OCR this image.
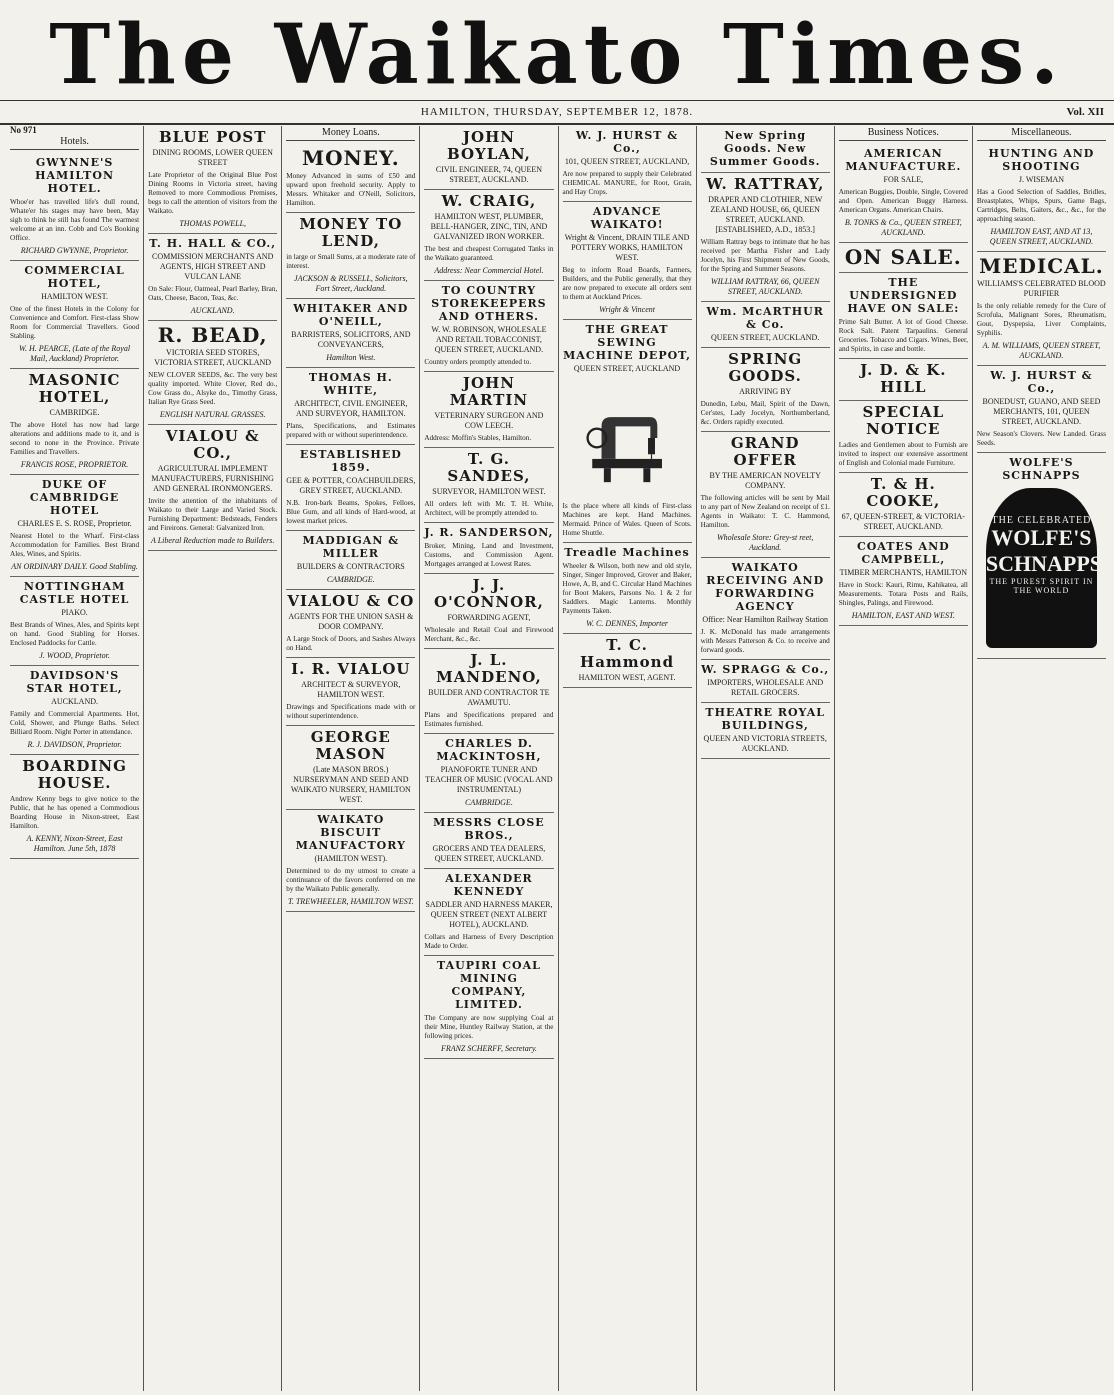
The Waikato Times.
HAMILTON, THURSDAY, SEPTEMBER 12, 1878.	Vol. XII
No 971
Hotels.
GWYNNE'S HAMILTON HOTEL.
Whoe'er has travelled life's dull round, Whate'er his stages may have been, May sigh to think he still has found The warmest welcome at an inn. Cobb and Co's Booking Office.
RICHARD GWYNNE, Proprietor.
COMMERCIAL HOTEL,
HAMILTON WEST.
One of the finest Hotels in the Colony for Convenience and Comfort. First-class Show Room for Commercial Travellers. Good Stabling.
W. H. PEARCE, (Late of the Royal Mail, Auckland) Proprietor.
MASONIC HOTEL,
CAMBRIDGE.
The above Hotel has now had large alterations and additions made to it, and is second to none in the Province. Private Families and Travellers.
FRANCIS ROSE, PROPRIETOR.
DUKE OF CAMBRIDGE HOTEL
CHARLES E. S. ROSE, Proprietor.
Nearest Hotel to the Wharf. First-class Accommodation for Families. Best Brand Ales, Wines, and Spirits.
AN ORDINARY DAILY. Good Stabling.
NOTTINGHAM CASTLE HOTEL
PIAKO.
Best Brands of Wines, Ales, and Spirits kept on hand. Good Stabling for Horses. Enclosed Paddocks for Cattle.
J. WOOD, Proprietor.
DAVIDSON'S STAR HOTEL,
AUCKLAND.
Family and Commercial Apartments. Hot, Cold, Shower, and Plunge Baths. Select Billiard Room. Night Porter in attendance.
R. J. DAVIDSON, Proprietor.
BOARDING HOUSE.
Andrew Kenny begs to give notice to the Public, that he has opened a Commodious Boarding House in Nixon-street, East Hamilton.
A. KENNY, Nixon-Street, East Hamilton. June 5th, 1878
BLUE POST
DINING ROOMS, LOWER QUEEN STREET
Late Proprietor of the Original Blue Post Dining Rooms in Victoria street, having Removed to more Commodious Premises, begs to call the attention of visitors from the Waikato.
THOMAS POWELL,
T. H. HALL & CO.,
COMMISSION MERCHANTS AND AGENTS, HIGH STREET AND VULCAN LANE
On Sale: Flour, Oatmeal, Pearl Barley, Bran, Oats, Cheese, Bacon, Teas, &c.
AUCKLAND.
R. BEAD,
VICTORIA SEED STORES, VICTORIA STREET, AUCKLAND
NEW CLOVER SEEDS, &c. The very best quality imported. White Clover, Red do., Cow Grass do., Alsyke do., Timothy Grass, Italian Rye Grass Seed.
ENGLISH NATURAL GRASSES.
VIALOU & CO.,
AGRICULTURAL IMPLEMENT MANUFACTURERS, FURNISHING AND GENERAL IRONMONGERS.
Invite the attention of the inhabitants of Waikato to their Large and Varied Stock. Furnishing Department: Bedsteads, Fenders and Fireirons. General: Galvanized Iron.
A Liberal Reduction made to Builders.
Money Loans.
MONEY.
Money Advanced in sums of £50 and upward upon freehold security. Apply to Messrs. Whitaker and O'Neill, Solicitors, Hamilton.
MONEY TO LEND,
in large or Small Sums, at a moderate rate of interest.
JACKSON & RUSSELL, Solicitors, Fort Street, Auckland.
WHITAKER AND O'NEILL,
BARRISTERS, SOLICITORS, AND CONVEYANCERS,
Hamilton West.
THOMAS H. WHITE,
ARCHITECT, CIVIL ENGINEER, AND SURVEYOR, HAMILTON.
Plans, Specifications, and Estimates prepared with or without superintendence.
ESTABLISHED 1859.
GEE & POTTER, COACHBUILDERS, GREY STREET, AUCKLAND.
N.B. Iron-bark Beams, Spokes, Felloes, Blue Gum, and all kinds of Hard-wood, at lowest market prices.
MADDIGAN & MILLER
BUILDERS & CONTRACTORS
CAMBRIDGE.
VIALOU & CO
AGENTS FOR THE UNION SASH & DOOR COMPANY.
A Large Stock of Doors, and Sashes Always on Hand.
I. R. VIALOU
ARCHITECT & SURVEYOR, HAMILTON WEST.
Drawings and Specifications made with or without superintendence.
GEORGE MASON
(Late MASON BROS.) NURSERYMAN AND SEED AND WAIKATO NURSERY, HAMILTON WEST.
WAIKATO BISCUIT MANUFACTORY
(HAMILTON WEST).
Determined to do my utmost to create a continuance of the favors conferred on me by the Waikato Public generally.
T. TREWHEELER, HAMILTON WEST.
JOHN BOYLAN,
CIVIL ENGINEER, 74, QUEEN STREET, AUCKLAND.
W. CRAIG,
HAMILTON WEST, PLUMBER, BELL-HANGER, ZINC, TIN, AND GALVANIZED IRON WORKER.
The best and cheapest Corrugated Tanks in the Waikato guaranteed.
Address: Near Commercial Hotel.
TO COUNTRY STOREKEEPERS AND OTHERS.
W. W. ROBINSON, WHOLESALE AND RETAIL TOBACCONIST, QUEEN STREET, AUCKLAND.
Country orders promptly attended to.
JOHN MARTIN
VETERINARY SURGEON AND COW LEECH.
Address: Moffin's Stables, Hamilton.
T. G. SANDES,
SURVEYOR, HAMILTON WEST.
All orders left with Mr. T. H. White, Architect, will be promptly attended to.
J. R. SANDERSON,
Broker, Mining, Land and Investment, Customs, and Commission Agent. Mortgages arranged at Lowest Rates.
J. J. O'CONNOR,
FORWARDING AGENT,
Wholesale and Retail Coal and Firewood Merchant, &c., &c.
J. L. MANDENO,
BUILDER AND CONTRACTOR TE AWAMUTU.
Plans and Specifications prepared and Estimates furnished.
CHARLES D. MACKINTOSH,
PIANOFORTE TUNER AND TEACHER OF MUSIC (VOCAL AND INSTRUMENTAL)
CAMBRIDGE.
MESSRS CLOSE BROS.,
GROCERS AND TEA DEALERS, QUEEN STREET, AUCKLAND.
ALEXANDER KENNEDY
SADDLER AND HARNESS MAKER, QUEEN STREET (NEXT ALBERT HOTEL), AUCKLAND.
Collars and Harness of Every Description Made to Order.
TAUPIRI COAL MINING COMPANY, LIMITED.
The Company are now supplying Coal at their Mine, Huntley Railway Station, at the following prices.
FRANZ SCHERFF, Secretary.
W. J. HURST & Co.,
101, QUEEN STREET, AUCKLAND,
Are now prepared to supply their Celebrated CHEMICAL MANURE, for Root, Grain, and Hay Crops.
ADVANCE WAIKATO!
Wright & Vincent, DRAIN TILE AND POTTERY WORKS, HAMILTON WEST.
Beg to inform Road Boards, Farmers, Builders, and the Public generally, that they are now prepared to execute all orders sent to them at Auckland Prices.
Wright & Vincent
THE GREAT SEWING MACHINE DEPOT,
QUEEN STREET, AUCKLAND
Is the place where all kinds of First-class Machines are kept. Hand Machines. Mermaid. Prince of Wales. Queen of Scots. Home Shuttle.
Treadle Machines
Wheeler & Wilson, both new and old style, Singer, Singer Improved, Grover and Baker, Howe, A, B, and C. Circular Hand Machines for Boot Makers, Parsons No. 1 & 2 for Saddlers. Magic Lanterns. Monthly Payments Taken.
W. C. DENNES, Importer
T. C. Hammond
HAMILTON WEST, AGENT.
New Spring Goods. New Summer Goods.
W. RATTRAY,
DRAPER AND CLOTHIER, NEW ZEALAND HOUSE, 66, QUEEN STREET, AUCKLAND. [ESTABLISHED, A.D., 1853.]
William Rattray begs to intimate that he has received per Martha Fisher and Lady Jocelyn, his First Shipment of New Goods, for the Spring and Summer Seasons.
WILLIAM RATTRAY, 66, QUEEN STREET, AUCKLAND.
Wm. McARTHUR & Co.
QUEEN STREET, AUCKLAND.
SPRING GOODS.
ARRIVING BY
Dunedin, Lebu, Mail, Spirit of the Dawn, Cer'stes, Lady Jocelyn, Northumberland, &c. Orders rapidly executed.
GRAND OFFER
BY THE AMERICAN NOVELTY COMPANY.
The following articles will be sent by Mail to any part of New Zealand on receipt of £1. Agents in Waikato: T. C. Hammond, Hamilton.
Wholesale Store: Grey-st reet, Auckland.
WAIKATO RECEIVING AND FORWARDING AGENCY
Office: Near Hamilton Railway Station
J. K. McDonald has made arrangements with Messrs Patterson & Co. to receive and forward goods.
W. SPRAGG & Co.,
IMPORTERS, WHOLESALE AND RETAIL GROCERS.
THEATRE ROYAL BUILDINGS,
QUEEN AND VICTORIA STREETS, AUCKLAND.
Business Notices.
AMERICAN MANUFACTURE.
FOR SALE,
American Buggies, Double, Single, Covered and Open. American Buggy Harness. American Organs. American Chairs.
B. TONKS & Co., QUEEN STREET, AUCKLAND.
ON SALE.
THE UNDERSIGNED HAVE ON SALE:
Prime Salt Butter. A lot of Good Cheese. Rock Salt. Patent Tarpaulins. General Groceries. Tobacco and Cigars. Wines, Beer, and Spirits, in case and bottle.
J. D. & K. HILL
SPECIAL NOTICE
Ladies and Gentlemen about to Furnish are invited to inspect our extensive assortment of English and Colonial made Furniture.
T. & H. COOKE,
67, QUEEN-STREET, & VICTORIA-STREET, AUCKLAND.
COATES AND CAMPBELL,
TIMBER MERCHANTS, HAMILTON
Have in Stock: Kauri, Rimu, Kahikatea, all Measurements. Totara Posts and Rails, Shingles, Palings, and Firewood.
HAMILTON, EAST AND WEST.
Miscellaneous.
HUNTING AND SHOOTING
J. WISEMAN
Has a Good Selection of Saddles, Bridles, Breastplates, Whips, Spurs, Game Bags, Cartridges, Belts, Gaiters, &c., &c., for the approaching season.
HAMILTON EAST, AND AT 13, QUEEN STREET, AUCKLAND.
MEDICAL.
WILLIAMS'S CELEBRATED BLOOD PURIFIER
Is the only reliable remedy for the Cure of Scrofula, Malignant Sores, Rheumatism, Gout, Dyspepsia, Liver Complaints, Syphilis.
A. M. WILLIAMS, QUEEN STREET, AUCKLAND.
W. J. HURST & Co.,
BONEDUST, GUANO, AND SEED MERCHANTS, 101, QUEEN STREET, AUCKLAND.
New Season's Clovers. New Landed. Grass Seeds.
WOLFE'S SCHNAPPS
THE CELEBRATED
WOLFE'S SCHNAPPS
THE PUREST SPIRIT IN THE WORLD
